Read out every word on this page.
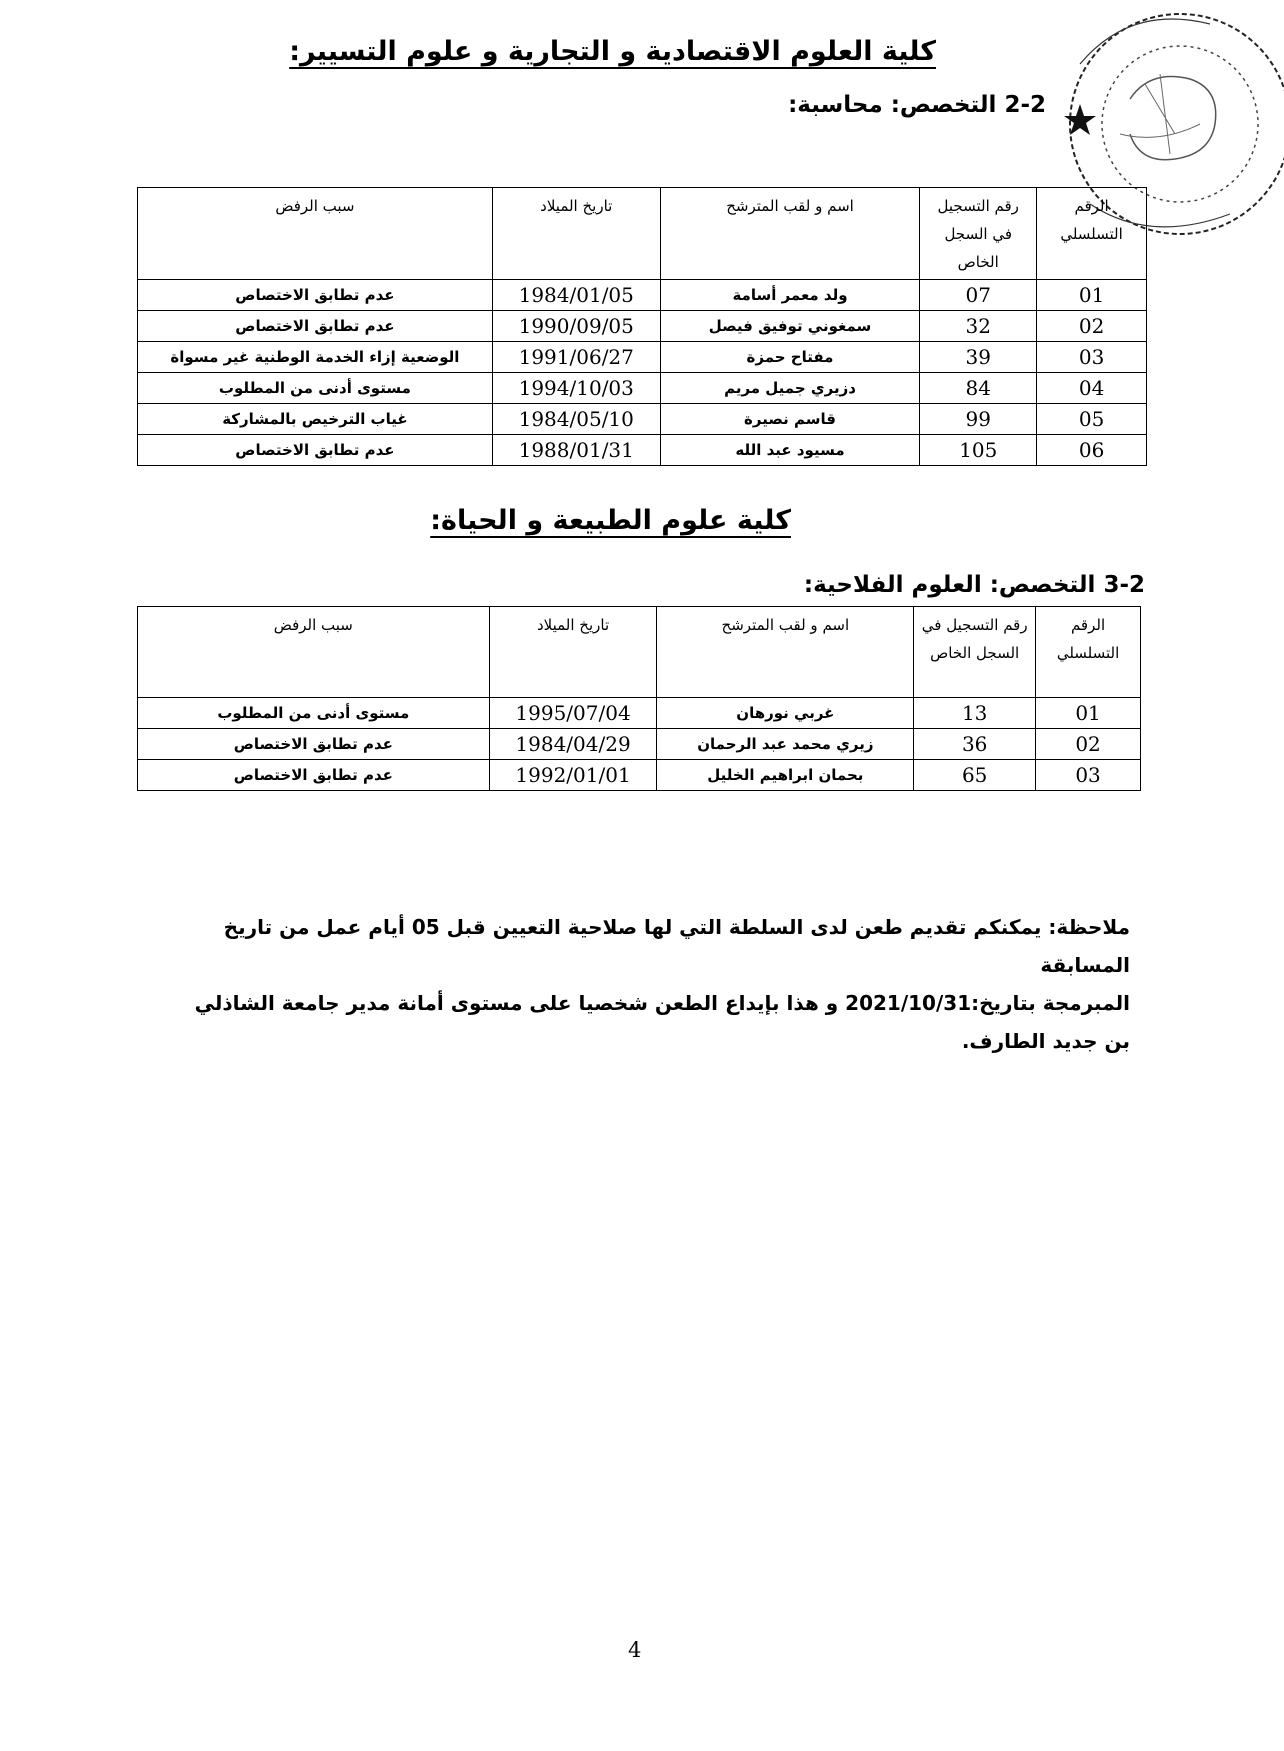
كلية العلوم الاقتصادية و التجارية و علوم التسيير:
2-2 التخصص: محاسبة:
الرقم التسلسلي	رقم التسجيل في السجل الخاص	اسم و لقب المترشح	تاريخ الميلاد	سبب الرفض
01	07	ولد معمر أسامة	1984/01/05	عدم تطابق الاختصاص
02	32	سمغوني توفيق فيصل	1990/09/05	عدم تطابق الاختصاص
03	39	مفتاح حمزة	1991/06/27	الوضعية إزاء الخدمة الوطنية غير مسواة
04	84	دزيري جميل مريم	1994/10/03	مستوى أدنى من المطلوب
05	99	قاسم نصيرة	1984/05/10	غياب الترخيص بالمشاركة
06	105	مسيود عبد الله	1988/01/31	عدم تطابق الاختصاص
كلية علوم الطبيعة و الحياة:
3-2 التخصص: العلوم الفلاحية:
الرقم التسلسلي	رقم التسجيل في السجل الخاص	اسم و لقب المترشح	تاريخ الميلاد	سبب الرفض
01	13	غربي نورهان	1995/07/04	مستوى أدنى من المطلوب
02	36	زيري محمد عبد الرحمان	1984/04/29	عدم تطابق الاختصاص
03	65	بحمان ابراهيم الخليل	1992/01/01	عدم تطابق الاختصاص
ملاحظة: يمكنكم تقديم طعن لدى السلطة التي لها صلاحية التعيين قبل 05 أيام عمل من تاريخ المسابقة
المبرمجة بتاريخ:2021/10/31 و هذا بإيداع الطعن شخصيا على مستوى أمانة مدير جامعة الشاذلي
بن جديد الطارف.
4
